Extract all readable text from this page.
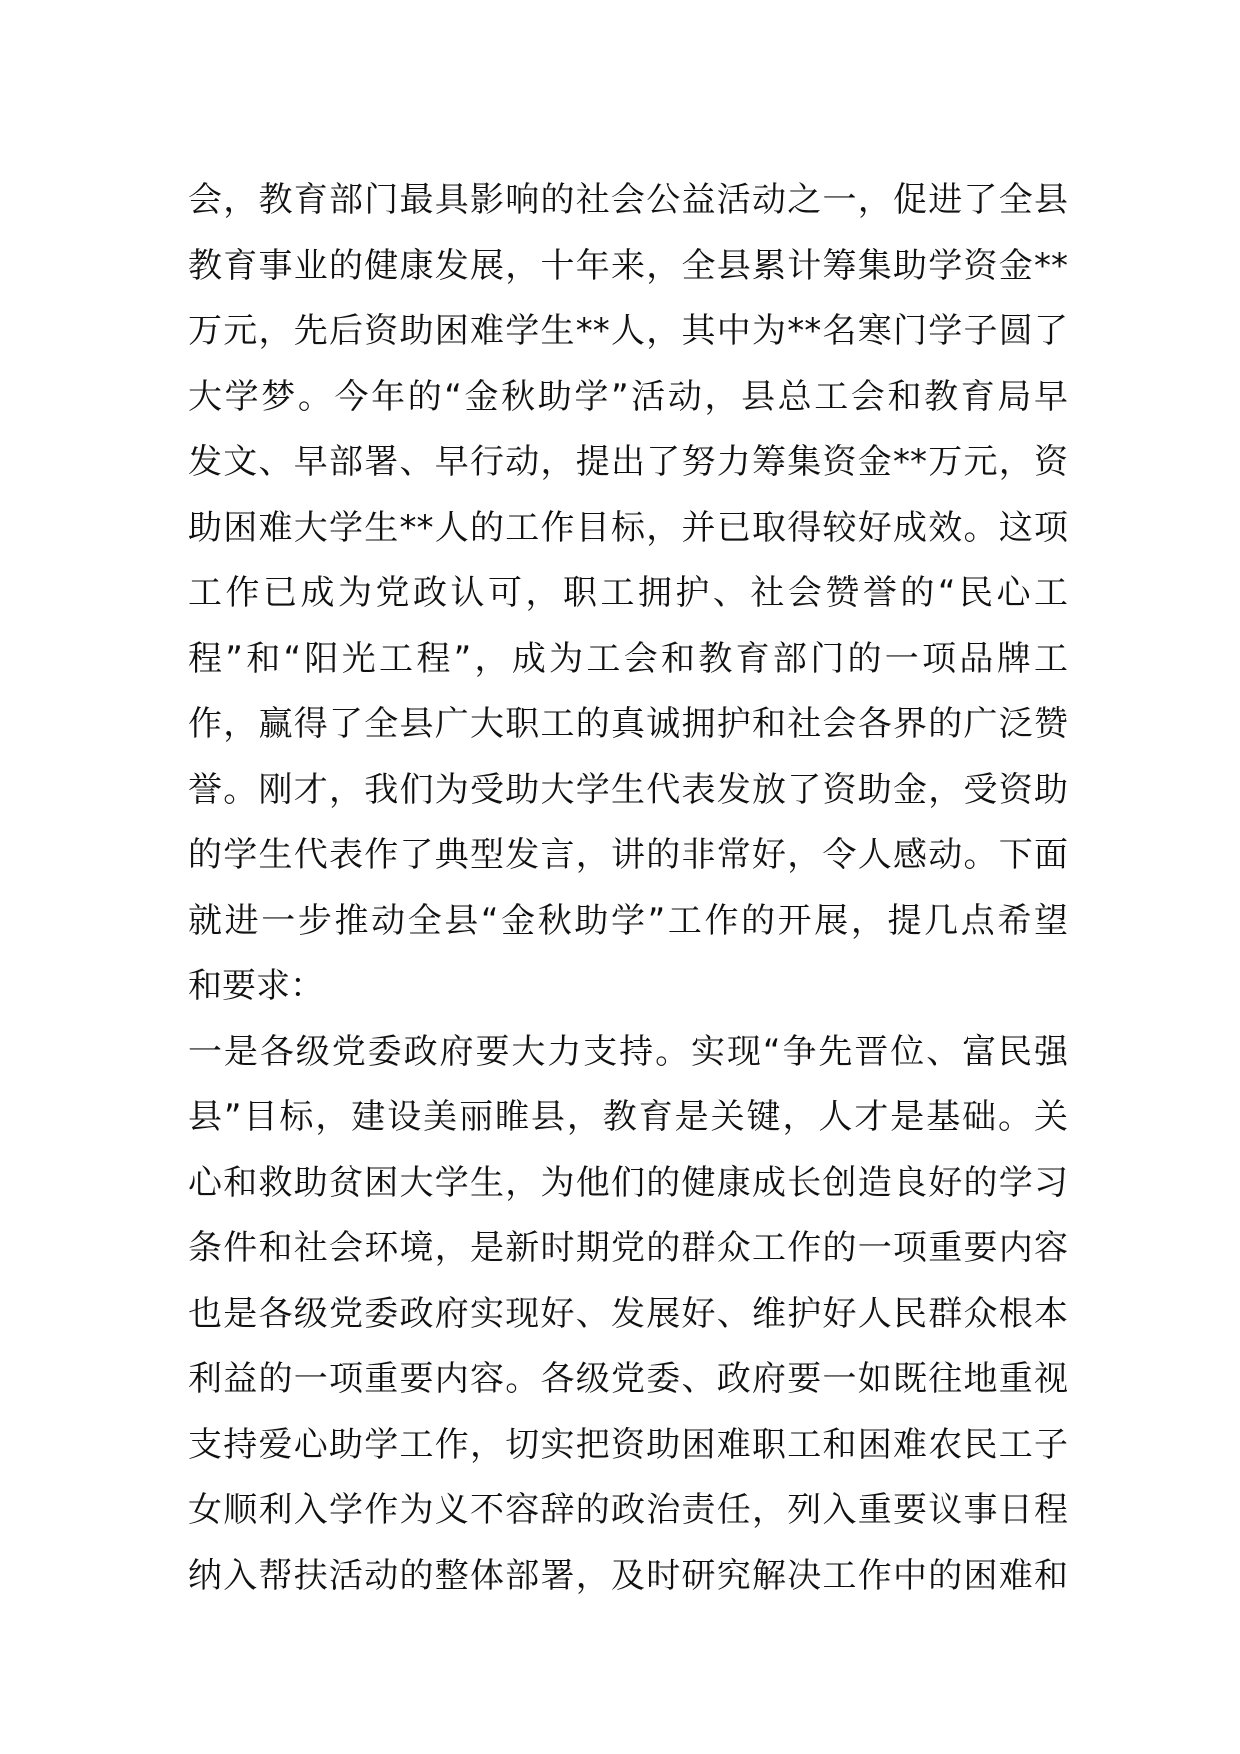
会，教育部门最具影响的社会公益活动之一，促进了全县
教育事业的健康发展，十年来，全县累计筹集助学资金**
万元，先后资助困难学生**人，其中为**名寒门学子圆了
大学梦。今年的“金秋助学”活动，县总工会和教育局早
发文、早部署、早行动，提出了努力筹集资金**万元，资
助困难大学生**人的工作目标，并已取得较好成效。这项
工作已成为党政认可，职工拥护、社会赞誉的“民心工
程”和“阳光工程”，成为工会和教育部门的一项品牌工
作，赢得了全县广大职工的真诚拥护和社会各界的广泛赞
誉。刚才，我们为受助大学生代表发放了资助金，受资助
的学生代表作了典型发言，讲的非常好，令人感动。下面
就进一步推动全县“金秋助学”工作的开展，提几点希望
和要求：
一是各级党委政府要大力支持。实现“争先晋位、富民强
县”目标，建设美丽睢县，教育是关键，人才是基础。关
心和救助贫困大学生，为他们的健康成长创造良好的学习
条件和社会环境，是新时期党的群众工作的一项重要内容
也是各级党委政府实现好、发展好、维护好人民群众根本
利益的一项重要内容。各级党委、政府要一如既往地重视
支持爱心助学工作，切实把资助困难职工和困难农民工子
女顺利入学作为义不容辞的政治责任，列入重要议事日程
纳入帮扶活动的整体部署，及时研究解决工作中的困难和
